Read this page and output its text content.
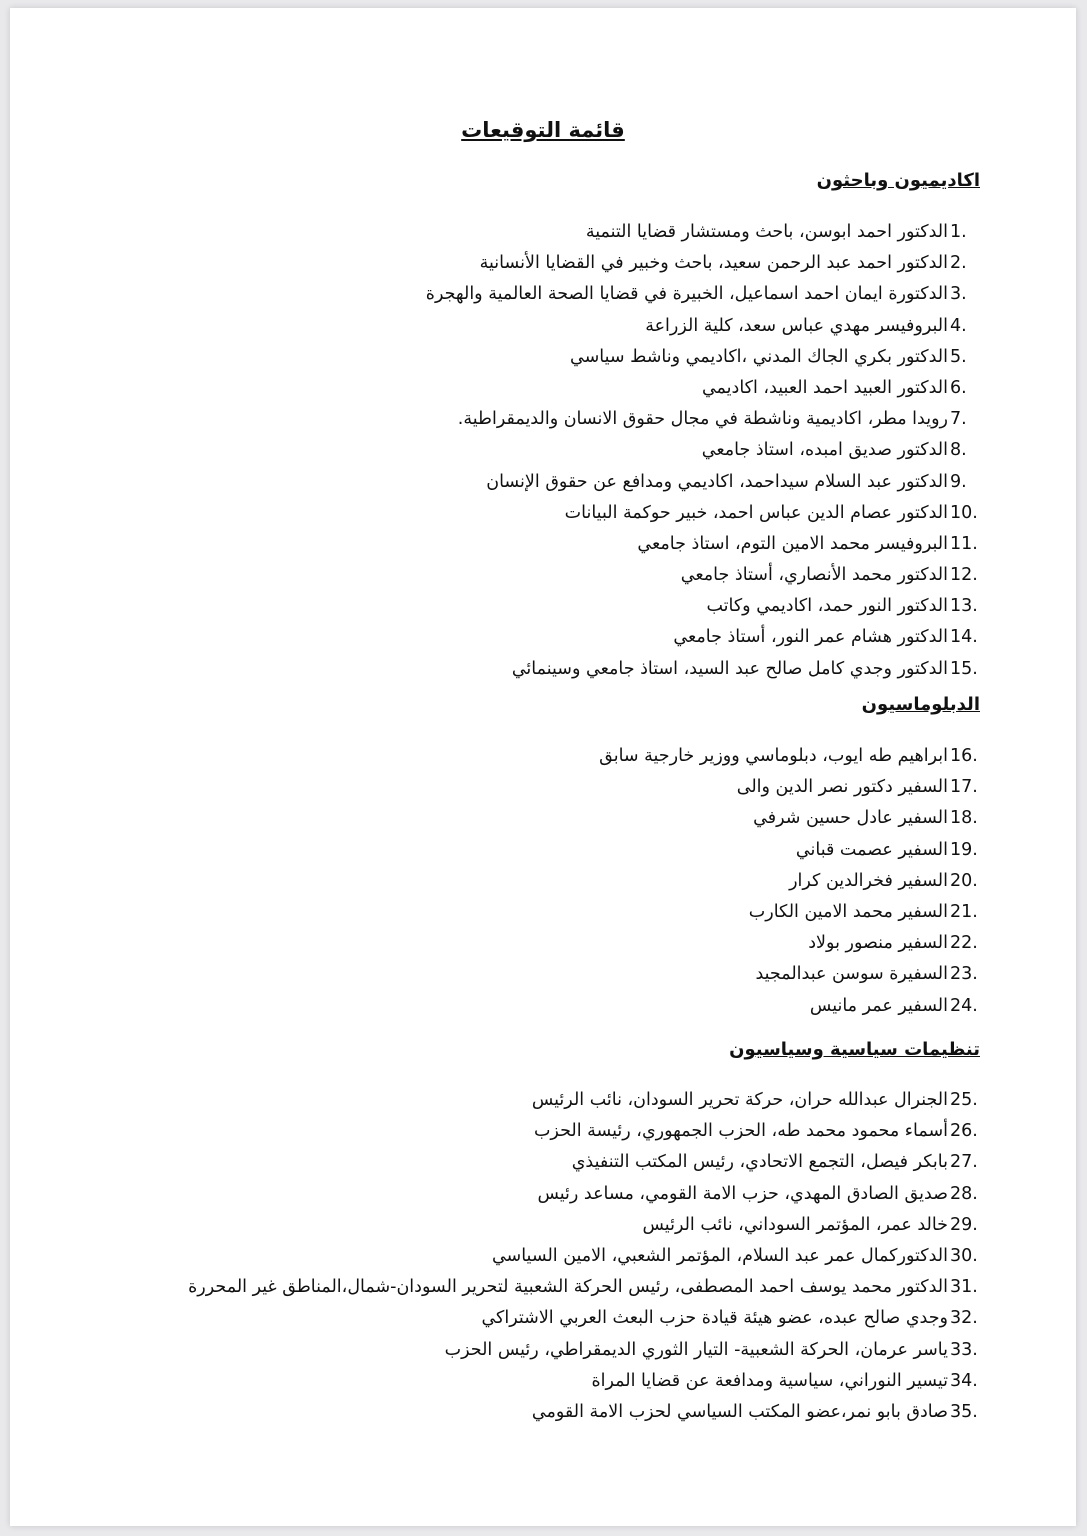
قائمة التوقيعات
اكاديميون وباحثون
1.
الدكتور احمد ابوسن، باحث ومستشار قضايا التنمية
2.
الدكتور احمد عبد الرحمن سعيد، باحث وخبير في القضايا الأنسانية
3.
الدكتورة ايمان احمد اسماعيل، الخبيرة في قضايا الصحة العالمية والهجرة
4.
البروفيسر مهدي عباس سعد، كلية الزراعة
5.
الدكتور بكري الجاك المدني ،اكاديمي وناشط سياسي
6.
الدكتور العبيد احمد العبيد، اكاديمي
7.
رويدا مطر، اكاديمية وناشطة في مجال حقوق الانسان والديمقراطية.
8.
الدكتور صديق امبده، استاذ جامعي
9.
الدكتور عبد السلام سيداحمد، اكاديمي ومدافع عن حقوق الإنسان
10.
الدكتور عصام الدين عباس احمد، خبير حوكمة البيانات
11.
البروفيسر محمد الامين التوم، استاذ جامعي
12.
الدكتور محمد الأنصاري، أستاذ جامعي
13.
الدكتور النور حمد، اكاديمي وكاتب
14.
الدكتور هشام عمر النور، أستاذ جامعي
15.
الدكتور وجدي كامل صالح عبد السيد، استاذ جامعي وسينمائي
الدبلوماسيون
16.
ابراهيم طه ايوب، دبلوماسي ووزير خارجية سابق
17.
السفير دكتور نصر الدين والى
18.
السفير عادل حسين شرفي
19.
السفير عصمت قباني
20.
السفير فخرالدين كرار
21.
السفير محمد الامين الكارب
22.
السفير منصور بولاد
23.
السفيرة سوسن عبدالمجيد
24.
السفير عمر مانيس
تنظيمات سياسية وسياسيون
25.
الجنرال عبدالله حران، حركة تحرير السودان، نائب الرئيس
26.
أسماء محمود محمد طه، الحزب الجمهوري، رئيسة الحزب
27.
بابكر فيصل، التجمع الاتحادي، رئيس المكتب التنفيذي
28.
صديق الصادق المهدي، حزب الامة القومي، مساعد رئيس
29.
خالد عمر، المؤتمر السوداني، نائب الرئيس
30.
الدكتوركمال عمر عبد السلام، المؤتمر الشعبي، الامين السياسي
31.
الدكتور محمد يوسف احمد المصطفى، رئيس الحركة الشعبية لتحرير السودان-شمال،المناطق غير المحررة
32.
وجدي صالح عبده، عضو هيئة قيادة حزب البعث العربي الاشتراكي
33.
ياسر عرمان، الحركة الشعبية- التيار الثوري الديمقراطي، رئيس الحزب
34.
تيسير النوراني، سياسية ومدافعة عن قضايا المراة
35.
صادق بابو نمر،عضو المكتب السياسي لحزب الامة القومي
